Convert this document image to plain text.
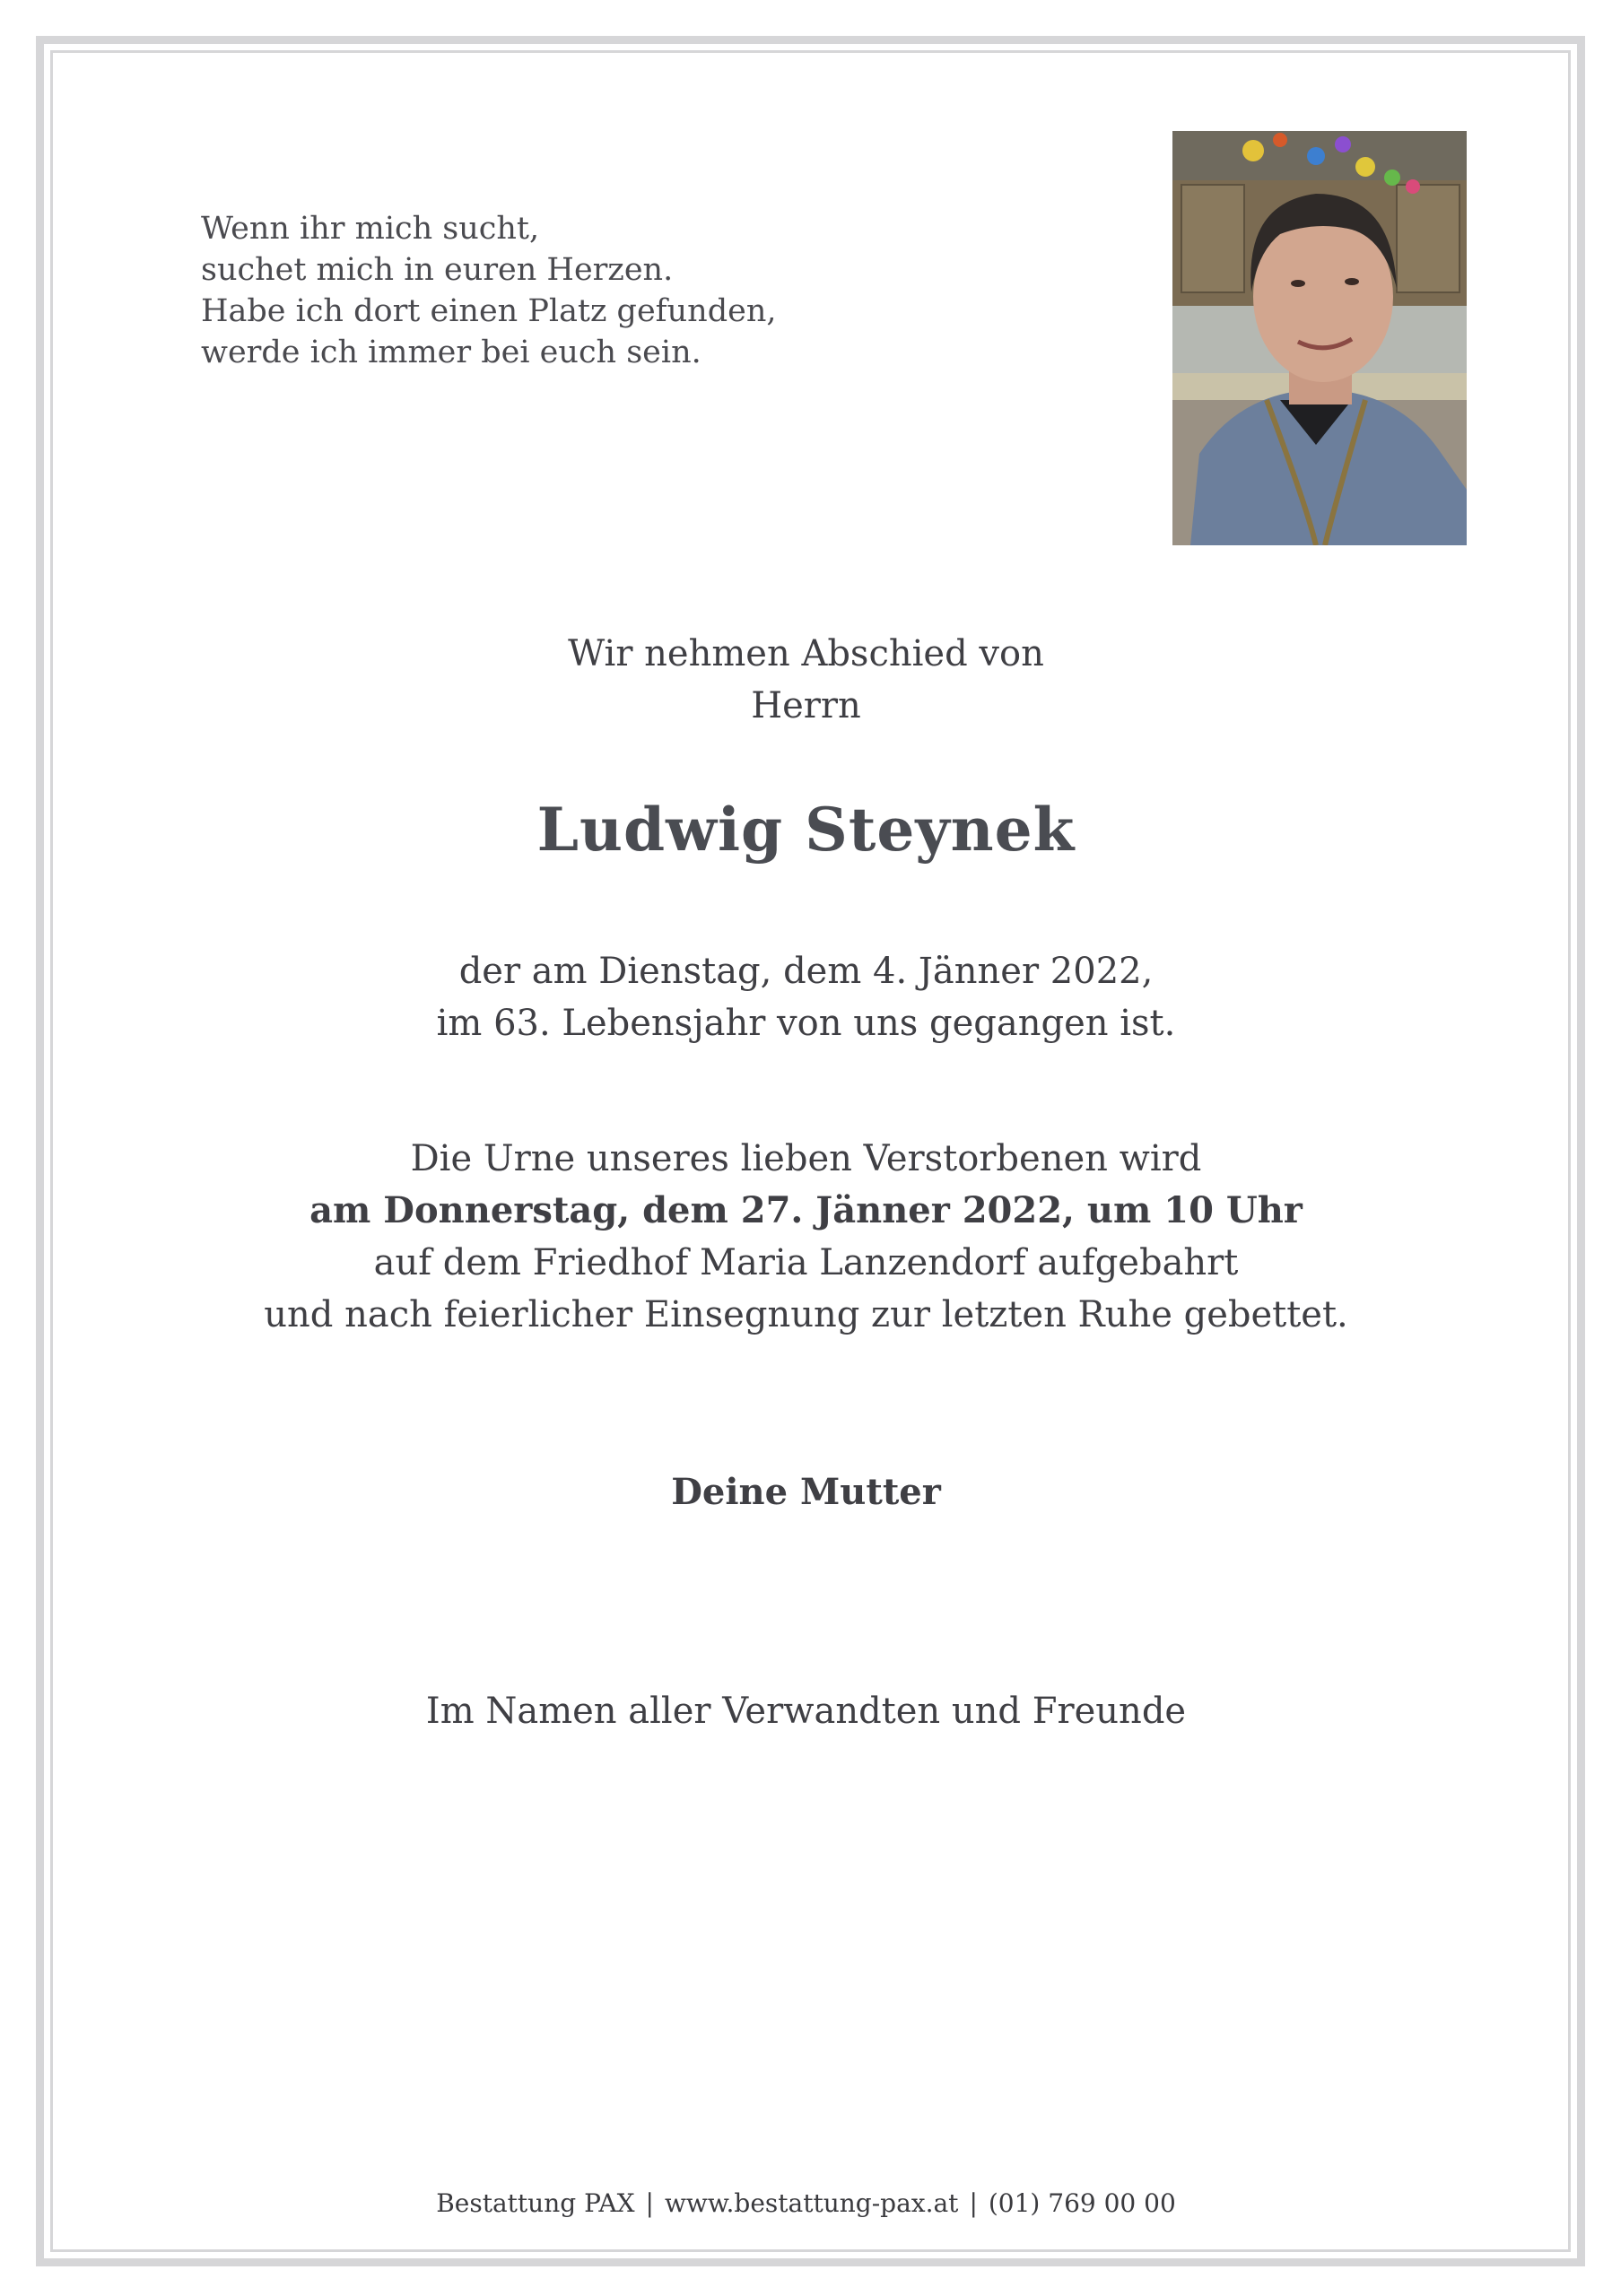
Wenn ihr mich sucht,
suchet mich in euren Herzen.
Habe ich dort einen Platz gefunden,
werde ich immer bei euch sein.
Wir nehmen Abschied von
Herrn
Ludwig Steynek
der am Dienstag, dem 4. Jänner 2022,
im 63. Lebensjahr von uns gegangen ist.
Die Urne unseres lieben Verstorbenen wird
am Donnerstag, dem 27. Jänner 2022, um 10 Uhr
auf dem Friedhof Maria Lanzendorf aufgebahrt
und nach feierlicher Einsegnung zur letzten Ruhe gebettet.
Deine Mutter
Im Namen aller Verwandten und Freunde
Bestattung PAX | www.bestattung-pax.at | (01) 769 00 00
